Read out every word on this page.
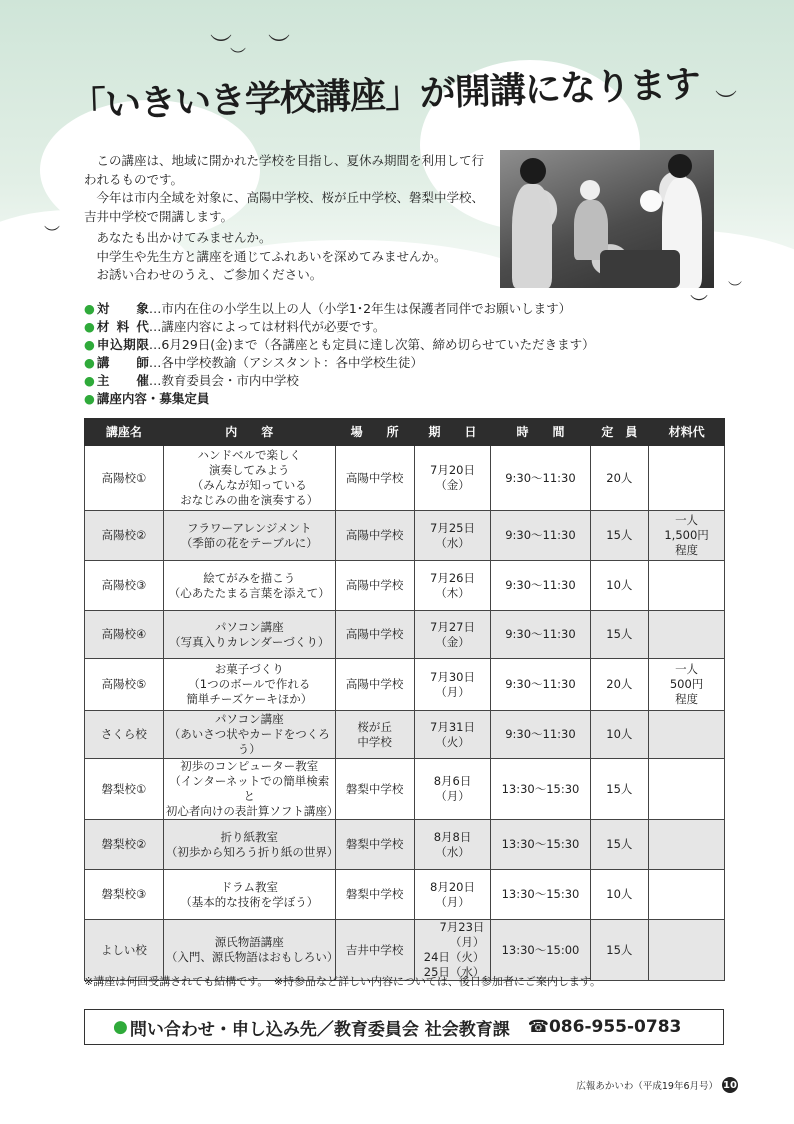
︶ ︶
︶
︶
︶
︶
︶
「いきいき学校講座」が開講になります

この講座は、地域に開かれた学校を目指し、夏休み期間を利用して行われるものです。

今年は市内全域を対象に、高陽中学校、桜が丘中学校、磐梨中学校、吉井中学校で開講します。

あなたも出かけてみませんか。

中学生や先生方と講座を通じてふれあいを深めてみませんか。

お誘い合わせのうえ、ご参加ください。

● 対象 …市内在住の小学生以上の人（小学1･2年生は保護者同伴でお願いします）
● 材料代 …講座内容によっては材料代が必要です。
● 申込期限 …6月29日(金)まで（各講座とも定員に達し次第、締め切らせていただきます）
● 講師 …各中学校教諭（アシスタント：各中学校生徒）
● 主催 …教育委員会・市内中学校
● 講座内容・募集定員
講座名	内　　容	場　　所	期　　日	時　　間	定　員	材料代
高陽校①	ハンドベルで楽しく
演奏してみよう
（みんなが知っている
おなじみの曲を演奏する）	高陽中学校	7月20日
（金）	9:30～11:30	20人	
高陽校②	フラワーアレンジメント
（季節の花をテーブルに）	高陽中学校	7月25日
（水）	9:30～11:30	15人	一人
1,500円
程度
高陽校③	絵てがみを描こう
（心あたたまる言葉を添えて）	高陽中学校	7月26日
（木）	9:30～11:30	10人	
高陽校④	パソコン講座
（写真入りカレンダーづくり）	高陽中学校	7月27日
（金）	9:30～11:30	15人	
高陽校⑤	お菓子づくり
（1つのボールで作れる
簡単チーズケーキほか）	高陽中学校	7月30日
（月）	9:30～11:30	20人	一人
500円
程度
さくら校	パソコン講座
（あいさつ状やカードをつくろう）	桜が丘
中学校	7月31日
（火）	9:30～11:30	10人	
磐梨校①	初歩のコンピューター教室
（インターネットでの簡単検索と
初心者向けの表計算ソフト講座）	磐梨中学校	8月6日
（月）	13:30～15:30	15人	
磐梨校②	折り紙教室
（初歩から知ろう折り紙の世界）	磐梨中学校	8月8日
（水）	13:30～15:30	15人	
磐梨校③	ドラム教室
（基本的な技術を学ぼう）	磐梨中学校	8月20日
（月）	13:30～15:30	10人	
よしい校	源氏物語講座
（入門、源氏物語はおもしろい）	吉井中学校	7月23日（月）
24日（火）
25日（水）	13:30～15:00	15人	
※講座は何回受講されても結構です。　※持参品など詳しい内容については、後日参加者にご案内します。
● 問い合わせ・申し込み先／教育委員会 社会教育課 ☎ 086-955-0783
広報あかいわ（平成19年6月号） 10
